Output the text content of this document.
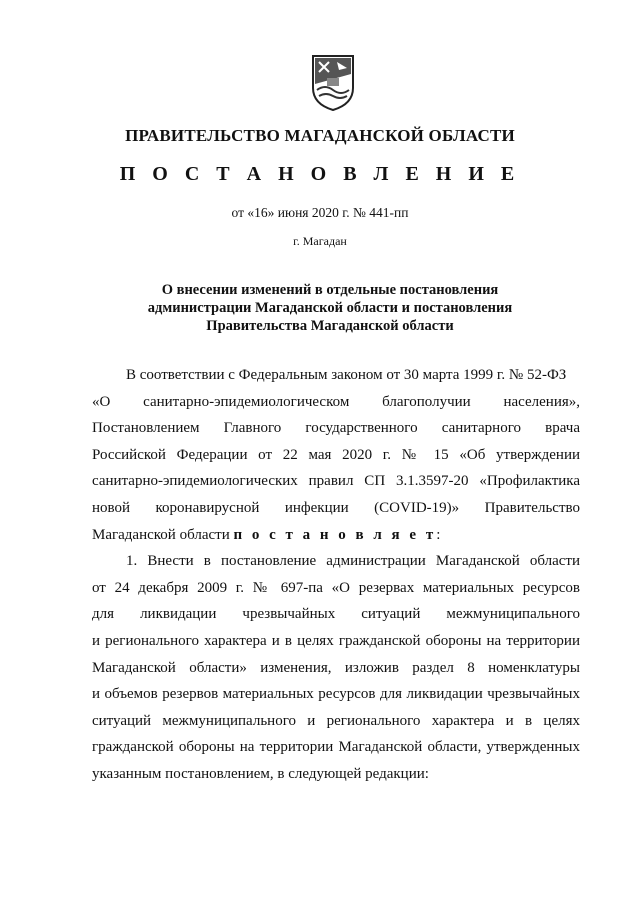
ПРАВИТЕЛЬСТВО МАГАДАНСКОЙ ОБЛАСТИ
П О С Т А Н О В Л Е Н И Е
от «16» июня 2020 г. № 441-пп
г. Магадан
О внесении изменений в отдельные постановления
администрации Магаданской области и постановления
Правительства Магаданской области
В соответствии с Федеральным законом от 30 марта 1999 г. № 52-ФЗ
«О санитарно-эпидемиологическом благополучии населения»,
Постановлением Главного государственного санитарного врача
Российской Федерации от 22 мая 2020 г. № 15 «Об утверждении
санитарно-эпидемиологических правил СП 3.1.3597-20 «Профилактика
новой коронавирусной инфекции (COVID-19)» Правительство
Магаданской области п о с т а н о в л я е т:
1. Внести в постановление администрации Магаданской области
от 24 декабря 2009 г. № 697-па «О резервах материальных ресурсов
для ликвидации чрезвычайных ситуаций межмуниципального
и регионального характера и в целях гражданской обороны на территории
Магаданской области» изменения, изложив раздел 8 номенклатуры
и объемов резервов материальных ресурсов для ликвидации чрезвычайных
ситуаций межмуниципального и регионального характера и в целях
гражданской обороны на территории Магаданской области, утвержденных
указанным постановлением, в следующей редакции:
